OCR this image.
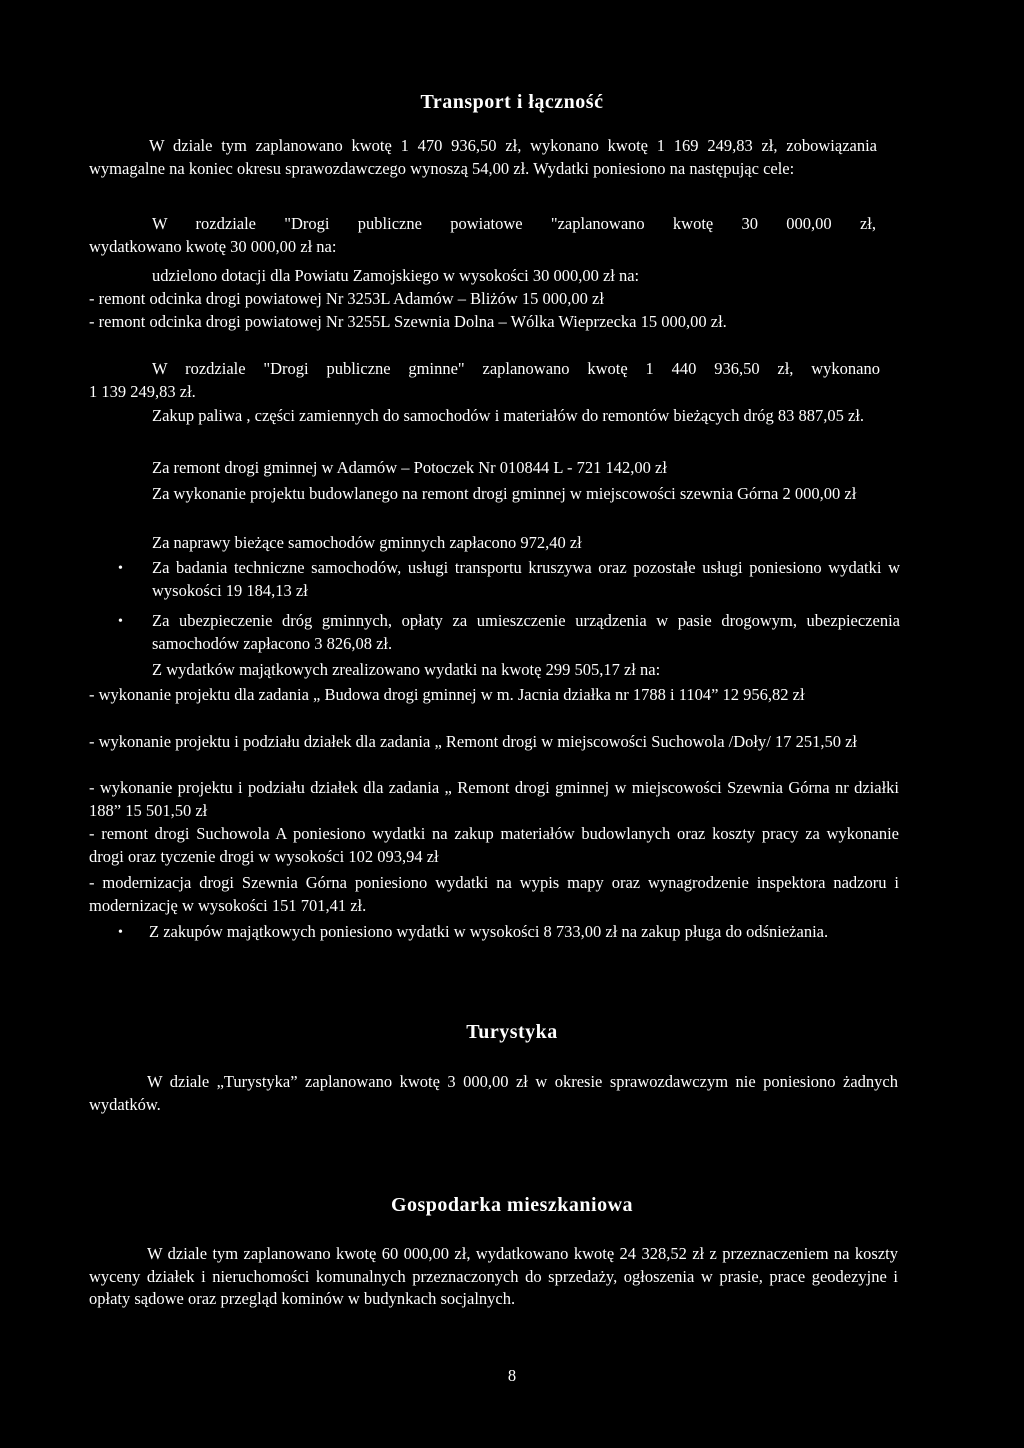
Transport i łączność

W dziale tym zaplanowano kwotę 1 470 936,50 zł, wykonano kwotę 1 169 249,83 zł, zobowiązania wymagalne na koniec okresu sprawozdawczego wynoszą 54,00 zł. Wydatki poniesiono na następując cele:

W rozdziale "Drogi publiczne powiatowe "zaplanowano kwotę 30 000,00 zł,

wydatkowano kwotę 30 000,00 zł na:

udzielono dotacji dla Powiatu Zamojskiego w wysokości 30 000,00 zł na:

- remont odcinka drogi powiatowej Nr 3253L Adamów – Bliżów 15 000,00 zł

- remont odcinka drogi powiatowej Nr 3255L Szewnia Dolna – Wólka Wieprzecka 15 000,00 zł.

W rozdziale "Drogi publiczne gminne" zaplanowano kwotę 1 440 936,50 zł, wykonano

1 139 249,83 zł.

Zakup paliwa , części zamiennych do samochodów i materiałów do remontów bieżących dróg 83 887,05 zł.

Za remont drogi gminnej w Adamów – Potoczek Nr 010844 L - 721 142,00 zł

Za wykonanie projektu budowlanego na remont drogi gminnej w miejscowości szewnia Górna 2 000,00 zł

Za naprawy bieżące samochodów gminnych zapłacono 972,40 zł

• Za badania techniczne samochodów, usługi transportu kruszywa oraz pozostałe usługi poniesiono wydatki w wysokości 19 184,13 zł

• Za ubezpieczenie dróg gminnych, opłaty za umieszczenie urządzenia w pasie drogowym, ubezpieczenia samochodów zapłacono 3 826,08 zł.

Z wydatków majątkowych zrealizowano wydatki na kwotę 299 505,17 zł na:

- wykonanie projektu dla zadania „ Budowa drogi gminnej w m. Jacnia działka nr 1788 i 1104” 12 956,82 zł

- wykonanie projektu i podziału działek dla zadania „ Remont drogi w miejscowości Suchowola /Doły/ 17 251,50 zł

- wykonanie projektu i podziału działek dla zadania „ Remont drogi gminnej w miejscowości Szewnia Górna nr działki 188” 15 501,50 zł

- remont drogi Suchowola A poniesiono wydatki na zakup materiałów budowlanych oraz koszty pracy za wykonanie drogi oraz tyczenie drogi w wysokości 102 093,94 zł

- modernizacja drogi Szewnia Górna poniesiono wydatki na wypis mapy oraz wynagrodzenie inspektora nadzoru i modernizację w wysokości 151 701,41 zł.

• Z zakupów majątkowych poniesiono wydatki w wysokości 8 733,00 zł na zakup pługa do odśnieżania.

Turystyka

W dziale „Turystyka” zaplanowano kwotę 3 000,00 zł w okresie sprawozdawczym nie poniesiono żadnych wydatków.

Gospodarka mieszkaniowa

W dziale tym zaplanowano kwotę 60 000,00 zł, wydatkowano kwotę 24 328,52 zł z przeznaczeniem na koszty wyceny działek i nieruchomości komunalnych przeznaczonych do sprzedaży, ogłoszenia w prasie, prace geodezyjne i opłaty sądowe oraz przegląd kominów w budynkach socjalnych.

8
